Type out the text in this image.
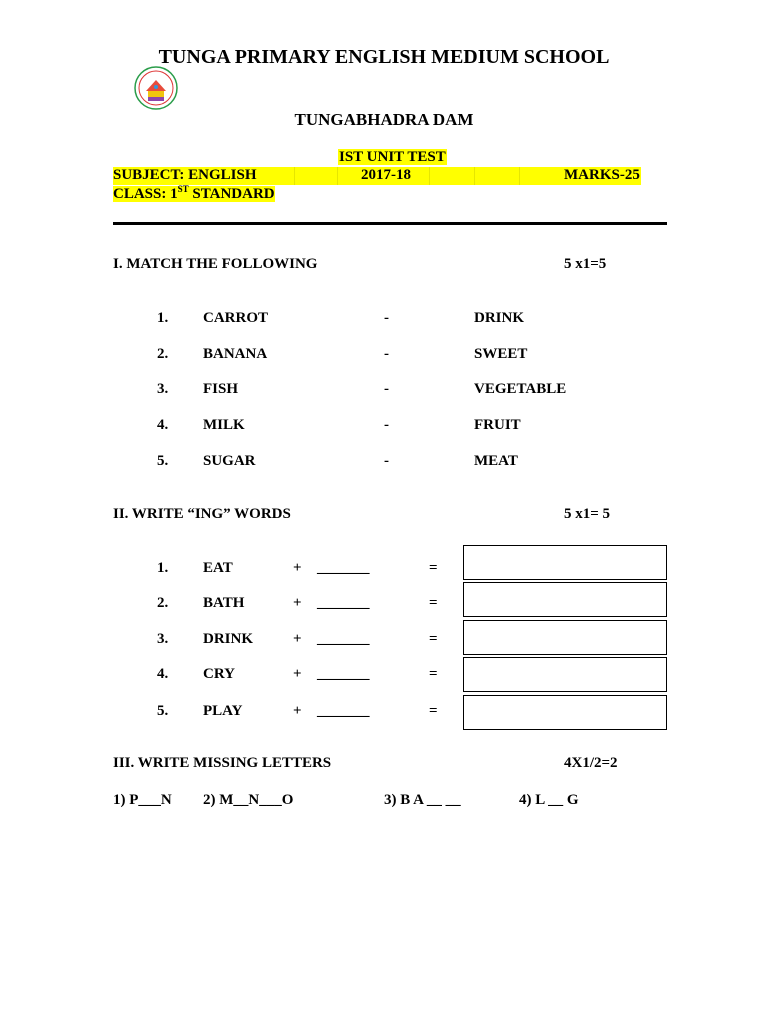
TUNGA PRIMARY ENGLISH MEDIUM SCHOOL
TUNGABHADRA DAM
IST UNIT TEST
SUBJECT: ENGLISH	2017-18	MARKS-25
CLASS: 1ST STANDARD
I. MATCH THE FOLLOWING	5 x1=5
1. CARROT	-	DRINK
2. BANANA	-	SWEET
3. FISH	-	VEGETABLE
4. MILK	-	FRUIT
5. SUGAR	-	MEAT
II. WRITE “ING” WORDS	5 x1= 5
1. EAT	+ _______	=
2. BATH	+ _______	=
3. DRINK	+ _______	=
4. CRY	+ _______	=
5. PLAY	+ _______	=
III. WRITE MISSING LETTERS	4X1/2=2
1) P___N 2) M__N___O	3) B A __ __	4) L __ G
